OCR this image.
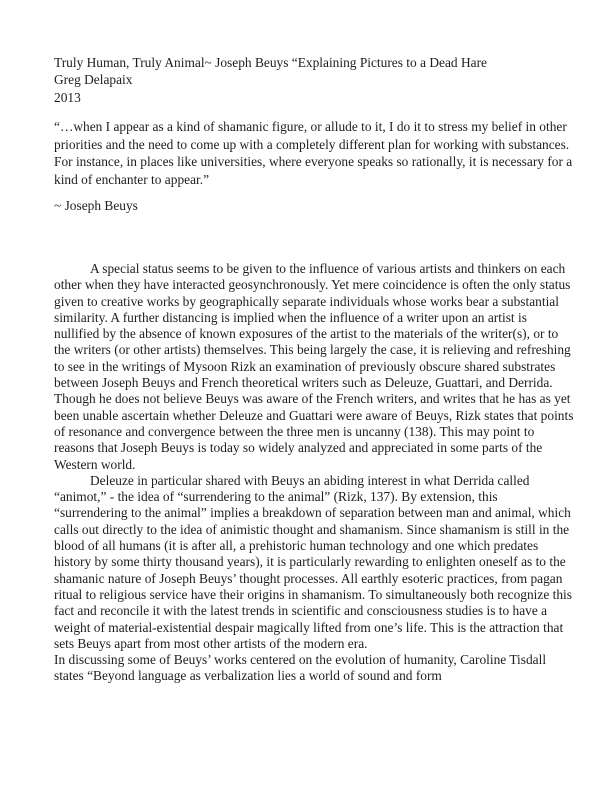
Truly Human, Truly Animal~ Joseph Beuys “Explaining Pictures to a Dead Hare
Greg Delapaix
2013

“…when I appear as a kind of shamanic figure, or allude to it, I do it to stress my belief in other priorities and the need to come up with a completely different plan for working with substances. For instance, in places like universities, where everyone speaks so rationally, it is necessary for a kind of enchanter to appear.”

~ Joseph Beuys

A special status seems to be given to the influence of various artists and thinkers on each other when they have interacted geosynchronously. Yet mere coincidence is often the only status given to creative works by geographically separate individuals whose works bear a substantial similarity. A further distancing is implied when the influence of a writer upon an artist is nullified by the absence of known exposures of the artist to the materials of the writer(s), or to the writers (or other artists) themselves. This being largely the case, it is relieving and refreshing to see in the writings of Mysoon Rizk an examination of previously obscure shared substrates between Joseph Beuys and French theoretical writers such as Deleuze, Guattari, and Derrida. Though he does not believe Beuys was aware of the French writers, and writes that he has as yet been unable ascertain whether Deleuze and Guattari were aware of Beuys, Rizk states that points of resonance and convergence between the three men is uncanny (138). This may point to reasons that Joseph Beuys is today so widely analyzed and appreciated in some parts of the Western world.

Deleuze in particular shared with Beuys an abiding interest in what Derrida called “animot,” - the idea of “surrendering to the animal” (Rizk, 137). By extension, this “surrendering to the animal” implies a breakdown of separation between man and animal, which calls out directly to the idea of animistic thought and shamanism. Since shamanism is still in the blood of all humans (it is after all, a prehistoric human technology and one which predates history by some thirty thousand years), it is particularly rewarding to enlighten oneself as to the shamanic nature of Joseph Beuys’ thought processes. All earthly esoteric practices, from pagan ritual to religious service have their origins in shamanism. To simultaneously both recognize this fact and reconcile it with the latest trends in scientific and consciousness studies is to have a weight of material-existential despair magically lifted from one’s life. This is the attraction that sets Beuys apart from most other artists of the modern era.

In discussing some of Beuys’ works centered on the evolution of humanity, Caroline Tisdall states “Beyond language as verbalization lies a world of sound and form
